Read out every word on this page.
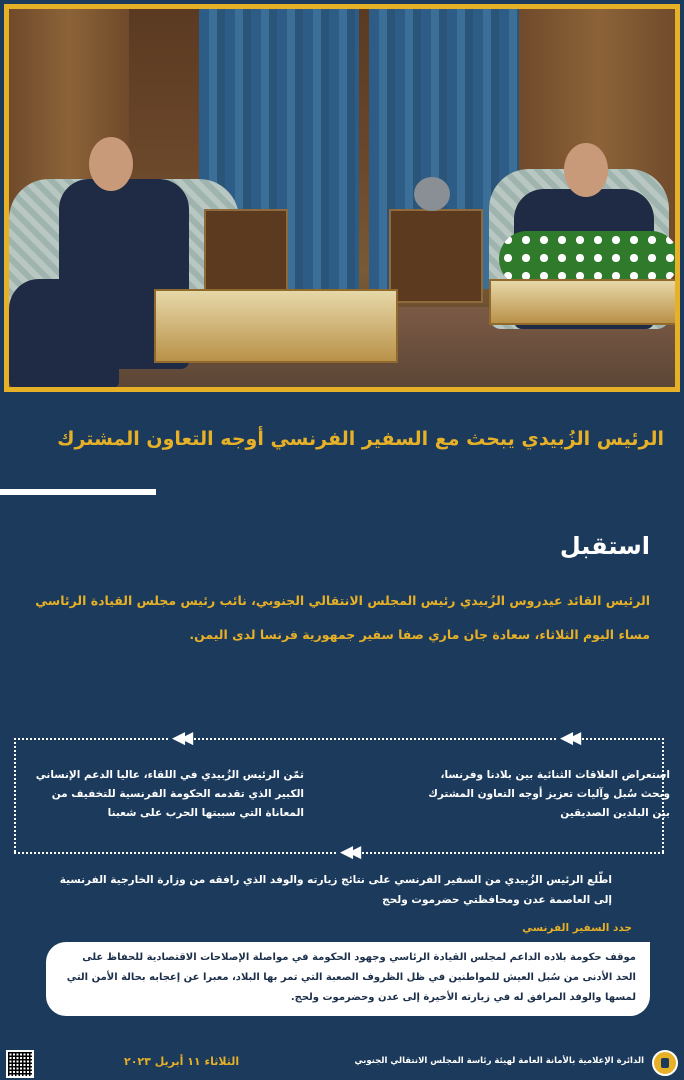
الرئيس الزُبيدي يبحث مع السفير الفرنسي أوجه التعاون المشترك
استقبل
الرئيس القائد عيدروس الزُبيدي رئيس المجلس الانتقالي الجنوبي، نائب رئيس مجلس القيادة الرئاسي مساء اليوم الثلاثاء، سعادة جان ماري صفا سفير جمهورية فرنسا لدى اليمن.
◀◀
◀◀
◀◀
استعراض العلاقات الثنائية بين بلادنا وفرنسا، وبحث سُبل وآليات تعزيز أوجه التعاون المشترك بين البلدين الصديقين
ثمّن الرئيس الزُبيدي في اللقاء، عاليا الدعم الإنساني الكبير الذي تقدمه الحكومة الفرنسية للتخفيف من المعاناة التي سببتها الحرب على شعبنا
اطّلع الرئيس الزُبيدي من السفير الفرنسي على نتائج زيارته والوفد الذي رافقه من وزارة الخارجية الفرنسية إلى العاصمة عدن ومحافظتي حضرموت ولحج
جدد السفير الفرنسي
موقف حكومة بلاده الداعم لمجلس القيادة الرئاسي وجهود الحكومة في مواصلة الإصلاحات الاقتصادية للحفاظ على الحد الأدنى من سُبل العيش للمواطنين في ظل الظروف الصعبة التي تمر بها البلاد، معبرا عن إعجابه بحالة الأمن التي لمسها والوفد المرافق له في زيارته الأخيرة إلى عدن وحضرموت ولحج.
الدائرة الإعلامية بالأمانة العامة لهيئة رئاسة المجلس الانتقالي الجنوبي
الثلاثاء ١١ أبريل ٢٠٢٣
